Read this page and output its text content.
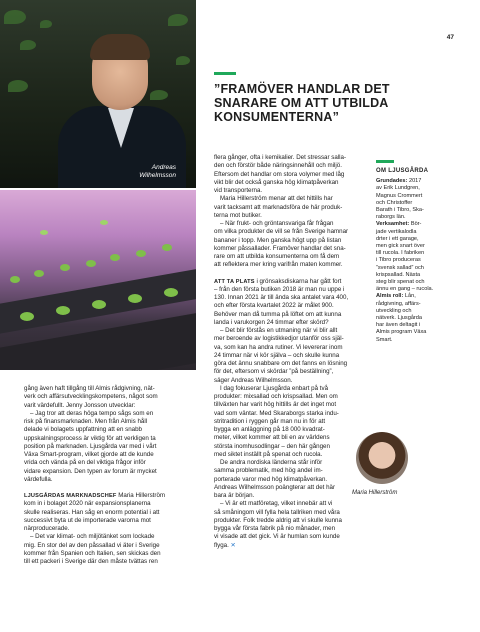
Andreas
Wilhelmsson
47
”FRAMÖVER HANDLAR DET
SNARARE OM ATT UTBILDA
KONSUMENTERNA”

gång även haft tillgång till Almis rådgivning, nät-

verk och affärsutvecklingskompetens, något som

varit värdefullt. Jenny Jonsson utvecklar:

– Jag tror att deras höga tempo sågs som en

risk på finansmarknaden. Men från Almis håll

delade vi bolagets uppfattning att en snabb

uppskalningsprocess är viktig för att verkligen ta

position på marknaden. Ljusgårda var med i vårt

Växa Smart-program, vilket gjorde att de kunde

vrida och vända på en del viktiga frågor inför

vidare expansion. Den typen av forum är mycket

värdefulla.

LJUSGÅRDAS MARKNADSCHEF Maria Hillerström

kom in i bolaget 2020 när expansionsplanerna

skulle realiseras. Han såg en enorm potential i att

successivt byta ut de importerade varorna mot

närproducerade.

– Det var klimat- och miljötänket som lockade

mig. En stor del av den påssallad vi äter i Sverige

kommer från Spanien och Italien, sen skickas den

till ett packeri i Sverige där den måste tvättas ren

flera gånger, ofta i kemikalier. Det stressar salla-

den och förstör både näringsinnehåll och miljö.

Eftersom det handlar om stora volymer med låg

vikt blir det också ganska hög klimatpåverkan

vid transporterna.

Maria Hillerström menar att det hittills har

varit tacksamt att marknadsföra de här produk-

terna mot butiker.

– När frukt- och gröntansvariga får frågan

om vilka produkter de vill se från Sverige hamnar

bananer i topp. Men ganska högt upp på listan

kommer påssallader. Framöver handlar det sna-

rare om att utbilda konsumenterna om få dem

att reflektera mer kring varifrån maten kommer.

ATT TA PLATS i grönsaksdiskarna har gått fort

– från den första butiken 2018 är man nu uppe i

130. Innan 2021 är till ända ska antalet vara 400,

och efter första kvartalet 2022 är målet 900.

Behöver man då tumma på löftet om att kunna

landa i varukorgen 24 timmar efter skörd?

– Det blir förstås en utmaning när vi blir allt

mer beroende av logistikkedjor utanför oss själ-

va, som kan ha andra rutiner. Vi levererar inom

24 timmar när vi kör själva – och skulle kunna

göra det ännu snabbare om det fanns en lösning

för det, eftersom vi skördar ”på beställning”,

säger Andreas Wilhelmsson.

I dag fokuserar Ljusgårda enbart på två

produkter: mixsallad och krispsallad. Men om

tillväxten har varit hög hittills är det inget mot

vad som väntar. Med Skaraborgs starka indu-

stritradition i ryggen går man nu in för att

bygga en anläggning på 18 000 kvadrat-

meter, vilket kommer att bli en av världens

största inomhusodlingar – den här gången

med siktet inställt på spenat och rucola.

De andra nordiska länderna står inför

samma problematik, med hög andel im-

porterade varor med hög klimatpåverkan.

Andreas Wilhelmsson poängterar att det här

bara är början.

– Vi är ett matföretag, vilket innebär att vi

så småningom vill fylla hela tallriken med våra

produkter. Folk tredde aldrig att vi skulle kunna

bygga vår första fabrik på nio månader, men

vi visade att det gick. Vi är humlan som kunde

flyga. ✕

OM LJUSGÅRDA

Grundades: 2017

av Erik Lundgren,

Magnus Crommert

och Christoffer

Barath i Tibro, Ska-

raborgs län.

Verksamhet: Bör-

jade vertikalodla

drter i ett garage,

men gick snart över

till rucola. I fabriken

i Tibro produceras

”svensk sallad” och

krispsallad. Nästa

steg blir spenat och

ännu en gang – rucola.

Almis roll: Lån,

rådgivning, affärs-

utveckling och

nätverk. Ljusgårda

har även deltagit i

Almis program Växa

Smart.

Maria Hillerström
